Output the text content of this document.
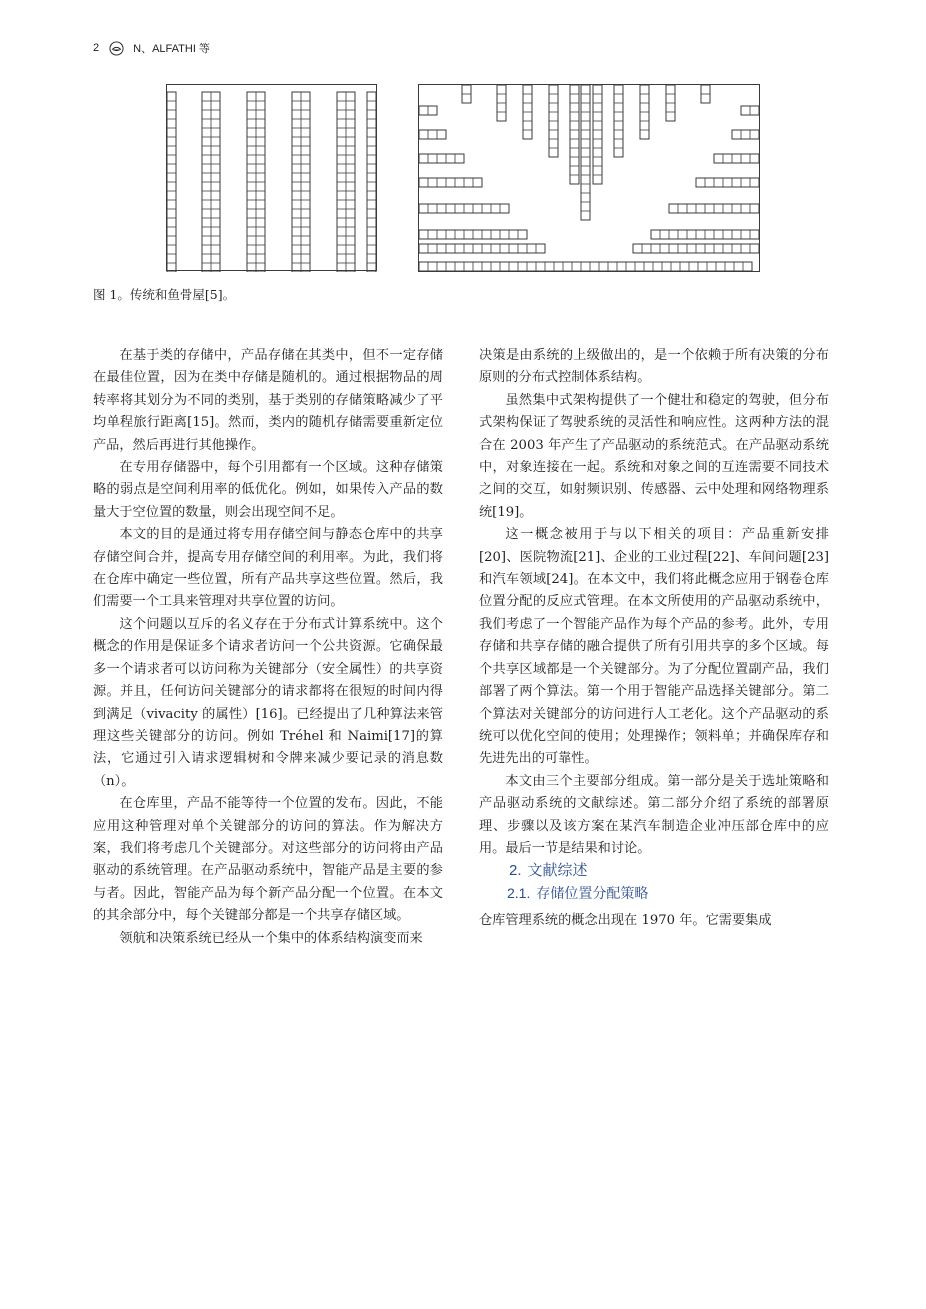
2	N、ALFATHI 等
图 1。传统和鱼骨屋[5]。

在基于类的存储中，产品存储在其类中，但不一定存储在最佳位置，因为在类中存储是随机的。通过根据物品的周转率将其划分为不同的类别，基于类别的存储策略减少了平均单程旅行距离[15]。然而，类内的随机存储需要重新定位产品，然后再进行其他操作。

在专用存储器中，每个引用都有一个区域。这种存储策略的弱点是空间利用率的低优化。例如，如果传入产品的数量大于空位置的数量，则会出现空间不足。

本文的目的是通过将专用存储空间与静态仓库中的共享存储空间合并，提高专用存储空间的利用率。为此，我们将在仓库中确定一些位置，所有产品共享这些位置。然后，我们需要一个工具来管理对共享位置的访问。

这个问题以互斥的名义存在于分布式计算系统中。这个概念的作用是保证多个请求者访问一个公共资源。它确保最多一个请求者可以访问称为关键部分（安全属性）的共享资源。并且，任何访问关键部分的请求都将在很短的时间内得到满足（vivacity 的属性）[16]。已经提出了几种算法来管理这些关键部分的访问。例如 Tréhel 和 Naimi[17]的算法，它通过引入请求逻辑树和令牌来减少要记录的消息数（n）。

在仓库里，产品不能等待一个位置的发布。因此，不能应用这种管理对单个关键部分的访问的算法。作为解决方案，我们将考虑几个关键部分。对这些部分的访问将由产品驱动的系统管理。在产品驱动系统中，智能产品是主要的参与者。因此，智能产品为每个新产品分配一个位置。在本文的其余部分中，每个关键部分都是一个共享存储区域。

领航和决策系统已经从一个集中的体系结构演变而来

决策是由系统的上级做出的，是一个依赖于所有决策的分布原则的分布式控制体系结构。

虽然集中式架构提供了一个健壮和稳定的驾驶，但分布式架构保证了驾驶系统的灵活性和响应性。这两种方法的混合在 2003 年产生了产品驱动的系统范式。在产品驱动系统中，对象连接在一起。系统和对象之间的互连需要不同技术之间的交互，如射频识别、传感器、云中处理和网络物理系统[19]。

这一概念被用于与以下相关的项目：产品重新安排[20]、医院物流[21]、企业的工业过程[22]、车间问题[23]和汽车领域[24]。在本文中，我们将此概念应用于钢卷仓库位置分配的反应式管理。在本文所使用的产品驱动系统中，我们考虑了一个智能产品作为每个产品的参考。此外，专用存储和共享存储的融合提供了所有引用共享的多个区域。每个共享区域都是一个关键部分。为了分配位置副产品，我们部署了两个算法。第一个用于智能产品选择关键部分。第二个算法对关键部分的访问进行人工老化。这个产品驱动的系统可以优化空间的使用；处理操作；领料单；并确保库存和先进先出的可靠性。

本文由三个主要部分组成。第一部分是关于选址策略和产品驱动系统的文献综述。第二部分介绍了系统的部署原理、步骤以及该方案在某汽车制造企业冲压部仓库中的应用。最后一节是结果和讨论。

2. 文献综述

2.1. 存储位置分配策略

仓库管理系统的概念出现在 1970 年。它需要集成
